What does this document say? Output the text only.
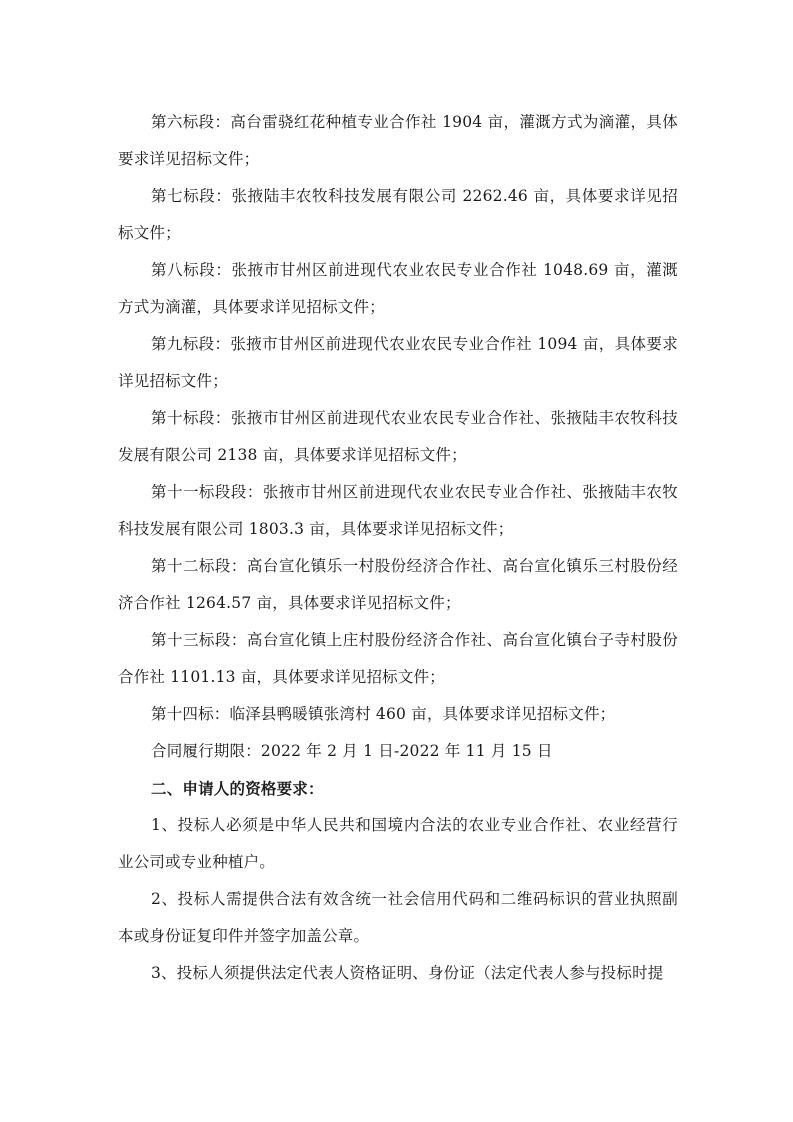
第六标段：高台雷骁红花种植专业合作社 1904 亩，灌溉方式为滴灌，具体要求详见招标文件；

第七标段：张掖陆丰农牧科技发展有限公司 2262.46 亩，具体要求详见招标文件；

第八标段：张掖市甘州区前进现代农业农民专业合作社 1048.69 亩，灌溉方式为滴灌，具体要求详见招标文件；

第九标段：张掖市甘州区前进现代农业农民专业合作社 1094 亩，具体要求详见招标文件；

第十标段：张掖市甘州区前进现代农业农民专业合作社、张掖陆丰农牧科技发展有限公司 2138 亩，具体要求详见招标文件；

第十一标段段：张掖市甘州区前进现代农业农民专业合作社、张掖陆丰农牧科技发展有限公司 1803.3 亩，具体要求详见招标文件；

第十二标段：高台宣化镇乐一村股份经济合作社、高台宣化镇乐三村股份经济合作社 1264.57 亩，具体要求详见招标文件；

第十三标段：高台宣化镇上庄村股份经济合作社、高台宣化镇台子寺村股份合作社 1101.13 亩，具体要求详见招标文件；

第十四标：临泽县鸭暖镇张湾村 460 亩，具体要求详见招标文件；

合同履行期限：2022 年 2 月 1 日-2022 年 11 月 15 日

二、申请人的资格要求：

1、投标人必须是中华人民共和国境内合法的农业专业合作社、农业经营行业公司或专业种植户。

2、投标人需提供合法有效含统一社会信用代码和二维码标识的营业执照副本或身份证复印件并签字加盖公章。

3、投标人须提供法定代表人资格证明、身份证（法定代表人参与投标时提
